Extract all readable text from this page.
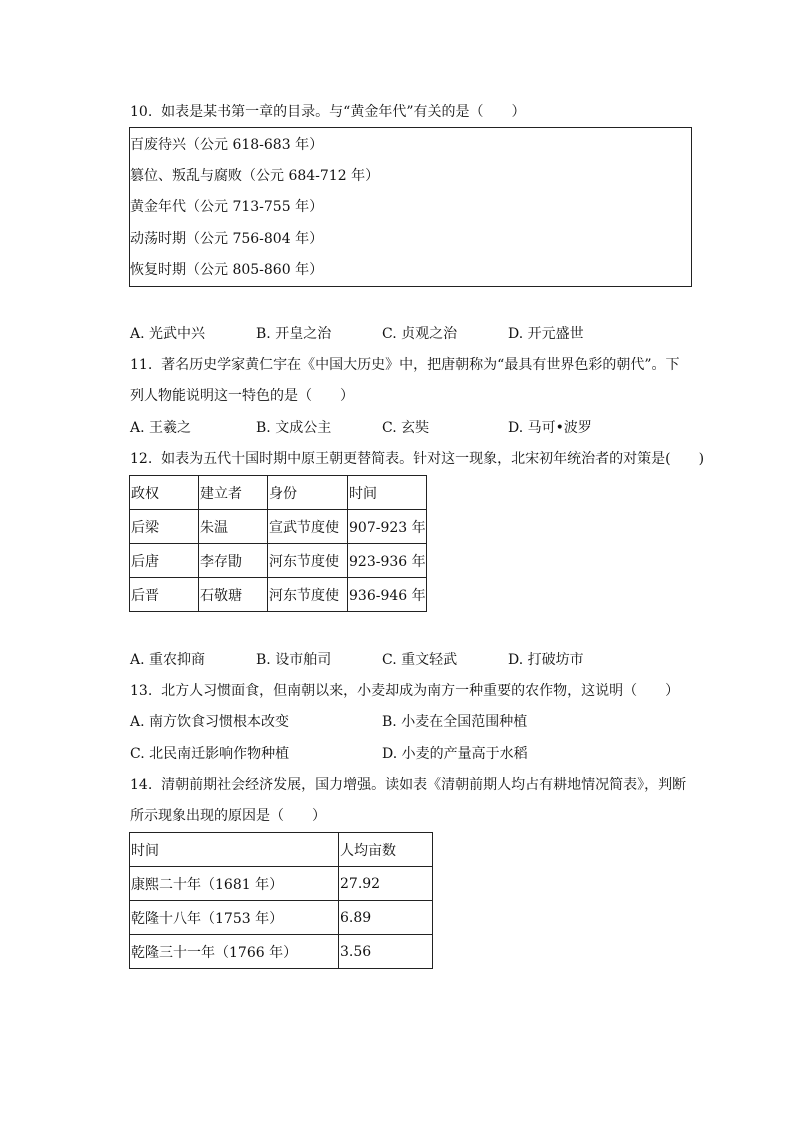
10.  如表是某书第一章的目录。与“黄金年代”有关的是（　　）
百废待兴（公元 618-683 年）
篡位、叛乱与腐败（公元 684-712 年）
黄金年代（公元 713-755 年）
动荡时期（公元 756-804 年）
恢复时期（公元 805-860 年）
A. 光武中兴	B. 开皇之治	C. 贞观之治	D. 开元盛世
11.  著名历史学家黄仁宇在《中国大历史》中，把唐朝称为“最具有世界色彩的朝代”。下
列人物能说明这一特色的是（　　）
A. 王羲之	B. 文成公主	C. 玄奘	D. 马可•波罗
12.  如表为五代十国时期中原王朝更替简表。针对这一现象，北宋初年统治者的对策是(　　)
政权	建立者	身份	时间
后梁	朱温	宣武节度使	907-923 年
后唐	李存勖	河东节度使	923-936 年
后晋	石敬瑭	河东节度使	936-946 年
A. 重农抑商	B. 设市舶司	C. 重文轻武	D. 打破坊市
13.  北方人习惯面食，但南朝以来，小麦却成为南方一种重要的农作物，这说明（　　）
A. 南方饮食习惯根本改变	B. 小麦在全国范围种植
C. 北民南迁影响作物种植	D. 小麦的产量高于水稻
14.  清朝前期社会经济发展，国力增强。读如表《清朝前期人均占有耕地情况简表》，判断
所示现象出现的原因是（　　）
时间	人均亩数
康熙二十年（1681 年）	27.92
乾隆十八年（1753 年）	6.89
乾隆三十一年（1766 年）	3.56
